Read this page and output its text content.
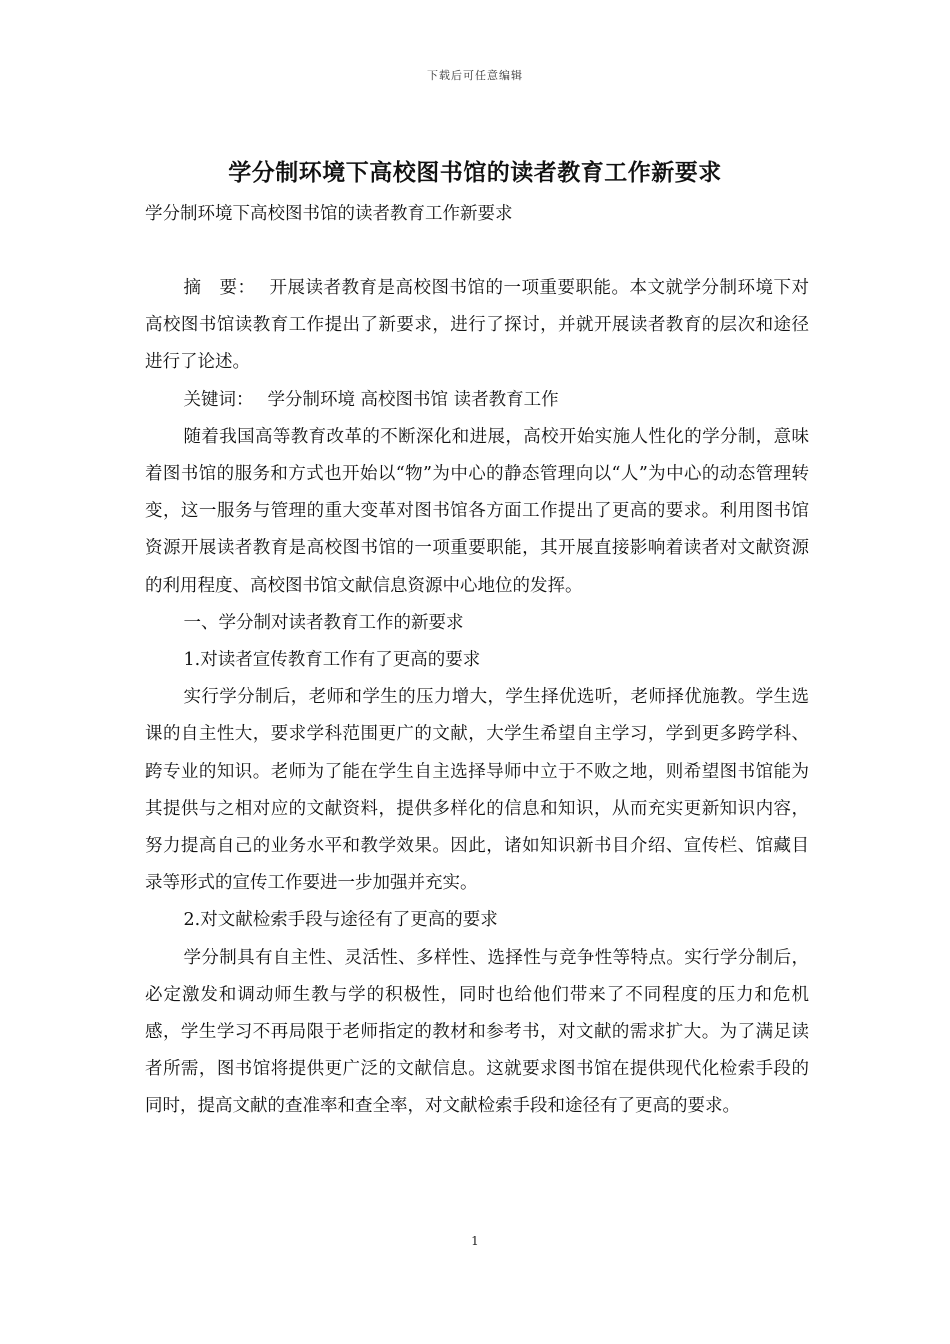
下载后可任意编辑
学分制环境下高校图书馆的读者教育工作新要求

学分制环境下高校图书馆的读者教育工作新要求

摘　要： 开展读者教育是高校图书馆的一项重要职能。本文就学分制环境下对高校图书馆读教育工作提出了新要求，进行了探讨，并就开展读者教育的层次和途径进行了论述。

关键词： 学分制环境 高校图书馆 读者教育工作

随着我国高等教育改革的不断深化和进展，高校开始实施人性化的学分制，意味着图书馆的服务和方式也开始以“物”为中心的静态管理向以“人”为中心的动态管理转变，这一服务与管理的重大变革对图书馆各方面工作提出了更高的要求。利用图书馆资源开展读者教育是高校图书馆的一项重要职能，其开展直接影响着读者对文献资源的利用程度、高校图书馆文献信息资源中心地位的发挥。

一、学分制对读者教育工作的新要求

1.对读者宣传教育工作有了更高的要求

实行学分制后，老师和学生的压力增大，学生择优选听，老师择优施教。学生选课的自主性大，要求学科范围更广的文献，大学生希望自主学习，学到更多跨学科、跨专业的知识。老师为了能在学生自主选择导师中立于不败之地，则希望图书馆能为其提供与之相对应的文献资料，提供多样化的信息和知识，从而充实更新知识内容，努力提高自己的业务水平和教学效果。因此，诸如知识新书目介绍、宣传栏、馆藏目录等形式的宣传工作要进一步加强并充实。

2.对文献检索手段与途径有了更高的要求

学分制具有自主性、灵活性、多样性、选择性与竞争性等特点。实行学分制后，必定激发和调动师生教与学的积极性，同时也给他们带来了不同程度的压力和危机感，学生学习不再局限于老师指定的教材和参考书，对文献的需求扩大。为了满足读者所需，图书馆将提供更广泛的文献信息。这就要求图书馆在提供现代化检索手段的同时，提高文献的查准率和查全率，对文献检索手段和途径有了更高的要求。

1
